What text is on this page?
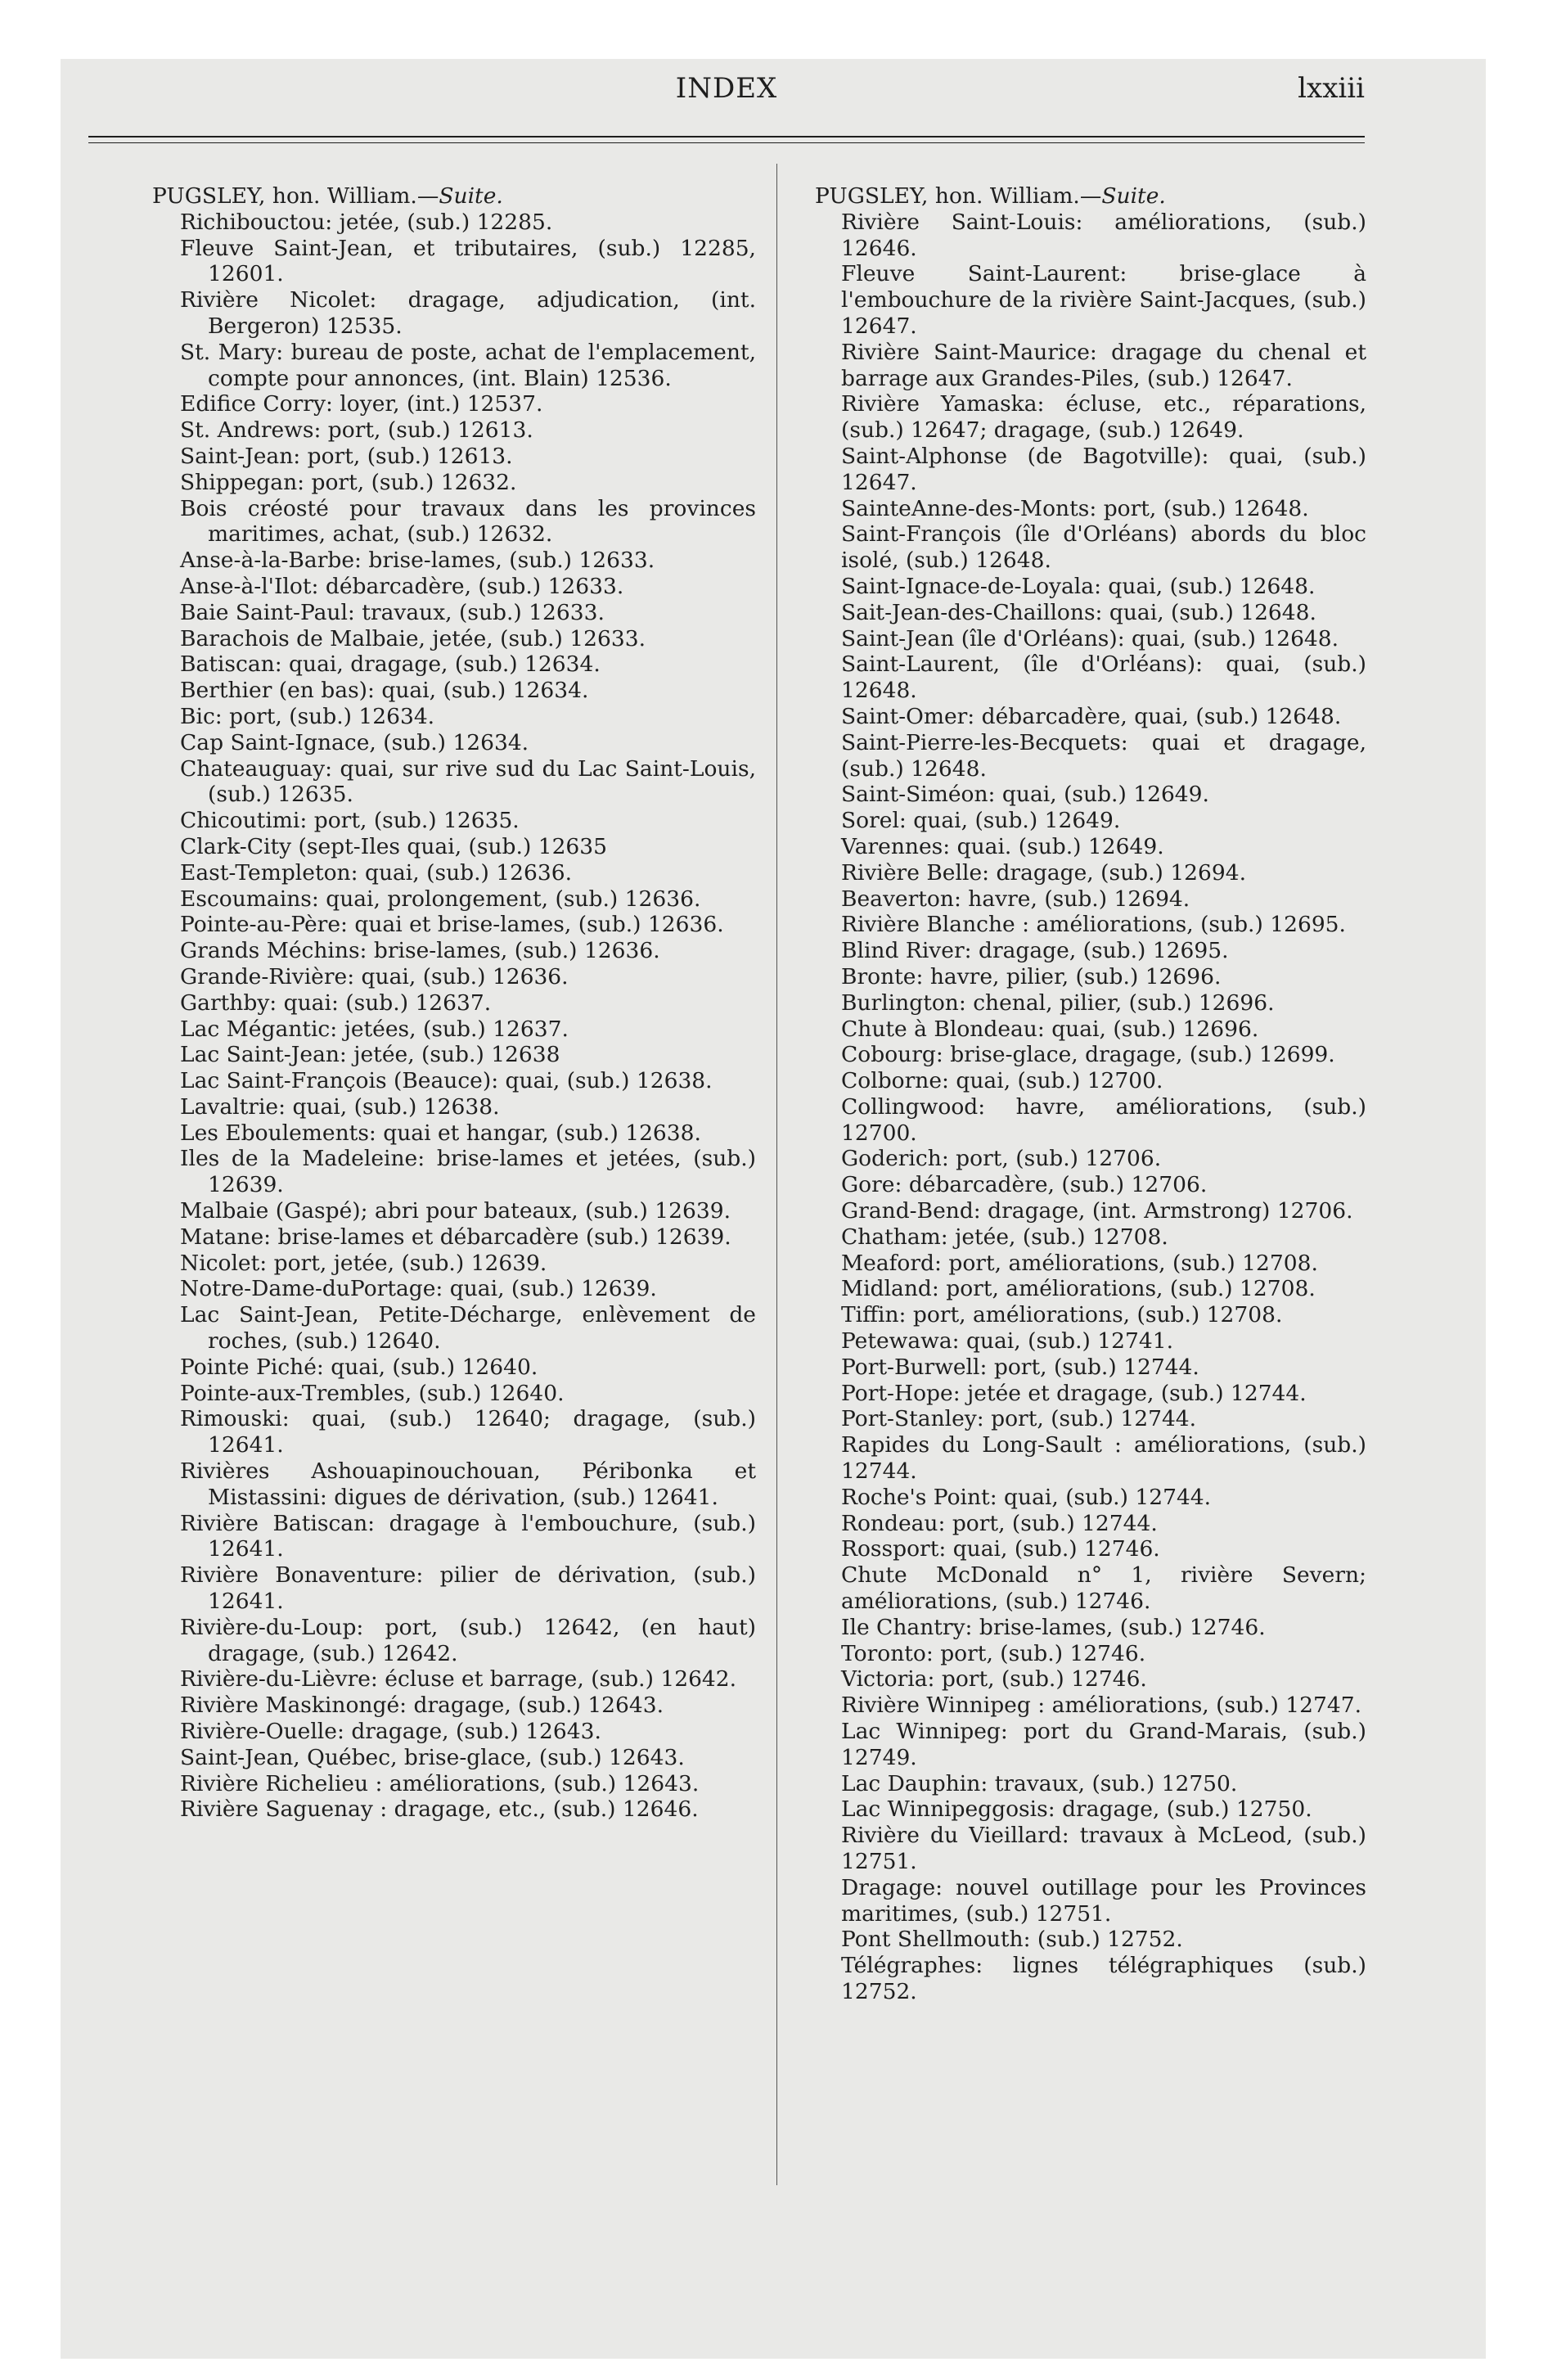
INDEX	lxxiii
PUGSLEY, hon. William.—Suite.
Richibouctou: jetée, (sub.) 12285.
Fleuve Saint-Jean, et tributaires, (sub.) 12285, 12601.
Rivière Nicolet: dragage, adjudication, (int. Bergeron) 12535.
St. Mary: bureau de poste, achat de l'emplacement, compte pour annonces, (int. Blain) 12536.
Edifice Corry: loyer, (int.) 12537.
St. Andrews: port, (sub.) 12613.
Saint-Jean: port, (sub.) 12613.
Shippegan: port, (sub.) 12632.
Bois créosté pour travaux dans les provinces maritimes, achat, (sub.) 12632.
Anse-à-la-Barbe: brise-lames, (sub.) 12633.
Anse-à-l'Ilot: débarcadère, (sub.) 12633.
Baie Saint-Paul: travaux, (sub.) 12633.
Barachois de Malbaie, jetée, (sub.) 12633.
Batiscan: quai, dragage, (sub.) 12634.
Berthier (en bas): quai, (sub.) 12634.
Bic: port, (sub.) 12634.
Cap Saint-Ignace, (sub.) 12634.
Chateauguay: quai, sur rive sud du Lac Saint-Louis, (sub.) 12635.
Chicoutimi: port, (sub.) 12635.
Clark-City (sept-Iles quai, (sub.) 12635
East-Templeton: quai, (sub.) 12636.
Escoumains: quai, prolongement, (sub.) 12636.
Pointe-au-Père: quai et brise-lames, (sub.) 12636.
Grands Méchins: brise-lames, (sub.) 12636.
Grande-Rivière: quai, (sub.) 12636.
Garthby: quai: (sub.) 12637.
Lac Mégantic: jetées, (sub.) 12637.
Lac Saint-Jean: jetée, (sub.) 12638
Lac Saint-François (Beauce): quai, (sub.) 12638.
Lavaltrie: quai, (sub.) 12638.
Les Eboulements: quai et hangar, (sub.) 12638.
Iles de la Madeleine: brise-lames et jetées, (sub.) 12639.
Malbaie (Gaspé); abri pour bateaux, (sub.) 12639.
Matane: brise-lames et débarcadère (sub.) 12639.
Nicolet: port, jetée, (sub.) 12639.
Notre-Dame-duPortage: quai, (sub.) 12639.
Lac Saint-Jean, Petite-Décharge, enlèvement de roches, (sub.) 12640.
Pointe Piché: quai, (sub.) 12640.
Pointe-aux-Trembles, (sub.) 12640.
Rimouski: quai, (sub.) 12640; dragage, (sub.) 12641.
Rivières Ashouapinouchouan, Péribonka et Mistassini: digues de dérivation, (sub.) 12641.
Rivière Batiscan: dragage à l'embouchure, (sub.) 12641.
Rivière Bonaventure: pilier de dérivation, (sub.) 12641.
Rivière-du-Loup: port, (sub.) 12642, (en haut) dragage, (sub.) 12642.
Rivière-du-Lièvre: écluse et barrage, (sub.) 12642.
Rivière Maskinongé: dragage, (sub.) 12643.
Rivière-Ouelle: dragage, (sub.) 12643.
Saint-Jean, Québec, brise-glace, (sub.) 12643.
Rivière Richelieu : améliorations, (sub.) 12643.
Rivière Saguenay : dragage, etc., (sub.) 12646.
PUGSLEY, hon. William.—Suite.
Rivière Saint-Louis: améliorations, (sub.) 12646.
Fleuve Saint-Laurent: brise-glace à l'embouchure de la rivière Saint-Jacques, (sub.) 12647.
Rivière Saint-Maurice: dragage du chenal et barrage aux Grandes-Piles, (sub.) 12647.
Rivière Yamaska: écluse, etc., réparations, (sub.) 12647; dragage, (sub.) 12649.
Saint-Alphonse (de Bagotville): quai, (sub.) 12647.
SainteAnne-des-Monts: port, (sub.) 12648.
Saint-François (île d'Orléans) abords du bloc isolé, (sub.) 12648.
Saint-Ignace-de-Loyala: quai, (sub.) 12648.
Sait-Jean-des-Chaillons: quai, (sub.) 12648.
Saint-Jean (île d'Orléans): quai, (sub.) 12648.
Saint-Laurent, (île d'Orléans): quai, (sub.) 12648.
Saint-Omer: débarcadère, quai, (sub.) 12648.
Saint-Pierre-les-Becquets: quai et dragage, (sub.) 12648.
Saint-Siméon: quai, (sub.) 12649.
Sorel: quai, (sub.) 12649.
Varennes: quai. (sub.) 12649.
Rivière Belle: dragage, (sub.) 12694.
Beaverton: havre, (sub.) 12694.
Rivière Blanche : améliorations, (sub.) 12695.
Blind River: dragage, (sub.) 12695.
Bronte: havre, pilier, (sub.) 12696.
Burlington: chenal, pilier, (sub.) 12696.
Chute à Blondeau: quai, (sub.) 12696.
Cobourg: brise-glace, dragage, (sub.) 12699.
Colborne: quai, (sub.) 12700.
Collingwood: havre, améliorations, (sub.) 12700.
Goderich: port, (sub.) 12706.
Gore: débarcadère, (sub.) 12706.
Grand-Bend: dragage, (int. Armstrong) 12706.
Chatham: jetée, (sub.) 12708.
Meaford: port, améliorations, (sub.) 12708.
Midland: port, améliorations, (sub.) 12708.
Tiffin: port, améliorations, (sub.) 12708.
Petewawa: quai, (sub.) 12741.
Port-Burwell: port, (sub.) 12744.
Port-Hope: jetée et dragage, (sub.) 12744.
Port-Stanley: port, (sub.) 12744.
Rapides du Long-Sault : améliorations, (sub.) 12744.
Roche's Point: quai, (sub.) 12744.
Rondeau: port, (sub.) 12744.
Rossport: quai, (sub.) 12746.
Chute McDonald n° 1, rivière Severn; améliorations, (sub.) 12746.
Ile Chantry: brise-lames, (sub.) 12746.
Toronto: port, (sub.) 12746.
Victoria: port, (sub.) 12746.
Rivière Winnipeg : améliorations, (sub.) 12747.
Lac Winnipeg: port du Grand-Marais, (sub.) 12749.
Lac Dauphin: travaux, (sub.) 12750.
Lac Winnipeggosis: dragage, (sub.) 12750.
Rivière du Vieillard: travaux à McLeod, (sub.) 12751.
Dragage: nouvel outillage pour les Provinces maritimes, (sub.) 12751.
Pont Shellmouth: (sub.) 12752.
Télégraphes: lignes télégraphiques (sub.) 12752.
